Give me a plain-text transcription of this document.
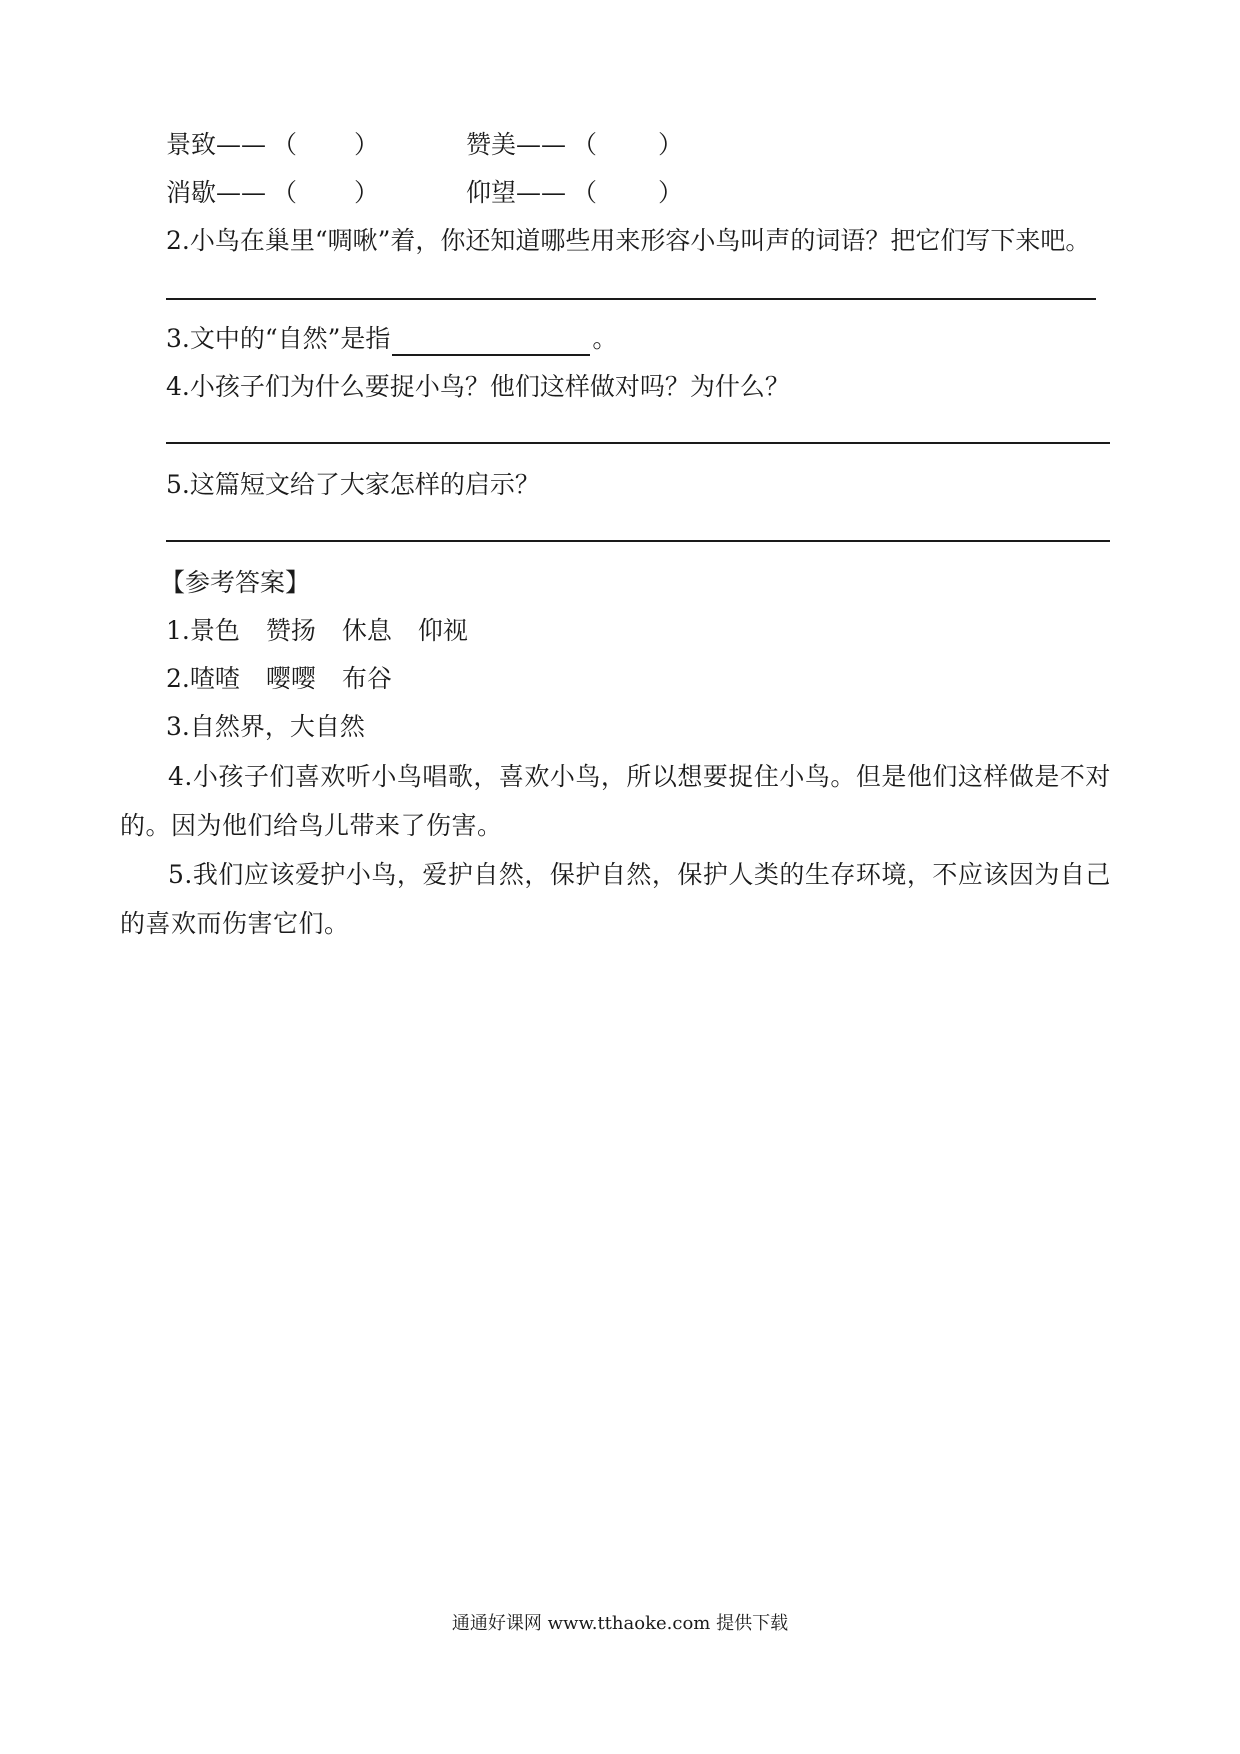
景致—— （ ）	赞美—— （ ）
消歇—— （ ）	仰望—— （ ）
2.小鸟在巢里“啁啾”着，你还知道哪些用来形容小鸟叫声的词语？把它们写下来吧。
3.文中的“自然”是指	。
4.小孩子们为什么要捉小鸟？他们这样做对吗？为什么？
5.这篇短文给了大家怎样的启示？
【参考答案】
1.景色 赞扬 休息 仰视
2.喳喳 嘤嘤 布谷
3.自然界，大自然
4.小孩子们喜欢听小鸟唱歌，喜欢小鸟，所以想要捉住小鸟。但是他们这样做是不对的。因为他们给鸟儿带来了伤害。
5.我们应该爱护小鸟，爱护自然，保护自然，保护人类的生存环境，不应该因为自己的喜欢而伤害它们。
通通好课网 www.tthaoke.com 提供下载
